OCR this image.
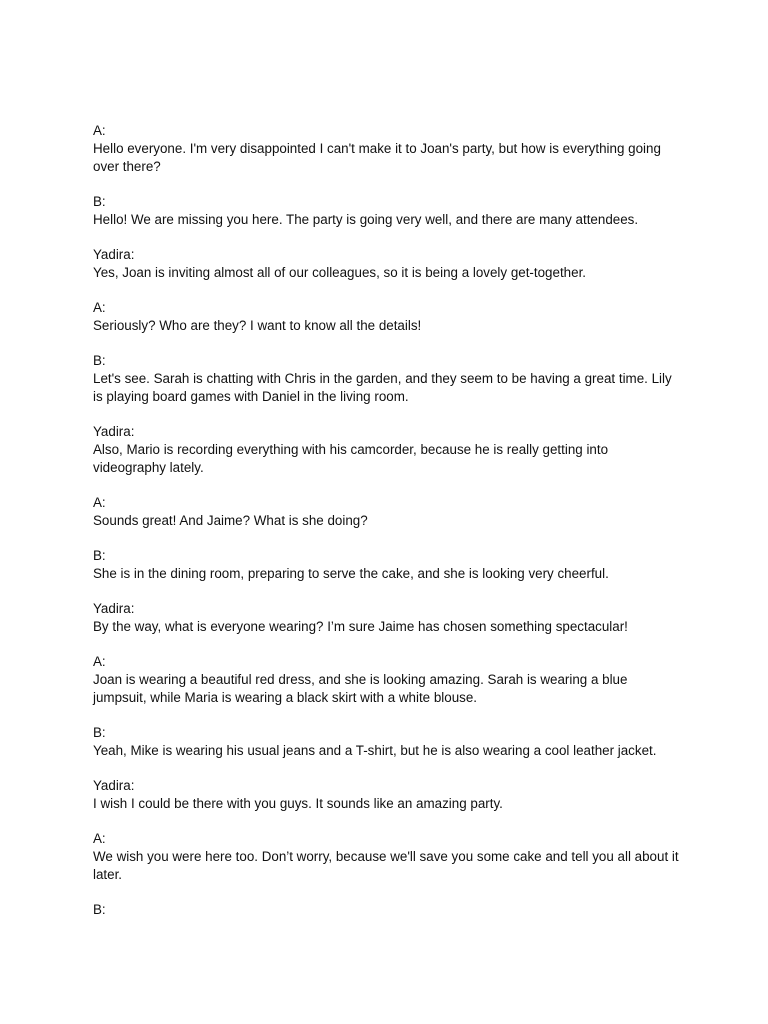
A:
Hello everyone. I'm very disappointed I can't make it to Joan's party, but how is everything going over there?
B:
Hello! We are missing you here. The party is going very well, and there are many attendees.
Yadira:
Yes, Joan is inviting almost all of our colleagues, so it is being a lovely get-together.
A:
Seriously? Who are they? I want to know all the details!
B:
Let's see. Sarah is chatting with Chris in the garden, and they seem to be having a great time. Lily is playing board games with Daniel in the living room.
Yadira:
Also, Mario is recording everything with his camcorder, because he is really getting into videography lately.
A:
Sounds great! And Jaime? What is she doing?
B:
She is in the dining room, preparing to serve the cake, and she is looking very cheerful.
Yadira:
By the way, what is everyone wearing? I’m sure Jaime has chosen something spectacular!
A:
Joan is wearing a beautiful red dress, and she is looking amazing. Sarah is wearing a blue jumpsuit, while Maria is wearing a black skirt with a white blouse.
B:
Yeah, Mike is wearing his usual jeans and a T-shirt, but he is also wearing a cool leather jacket.
Yadira:
I wish I could be there with you guys. It sounds like an amazing party.
A:
We wish you were here too. Don’t worry, because we'll save you some cake and tell you all about it later.
B:
